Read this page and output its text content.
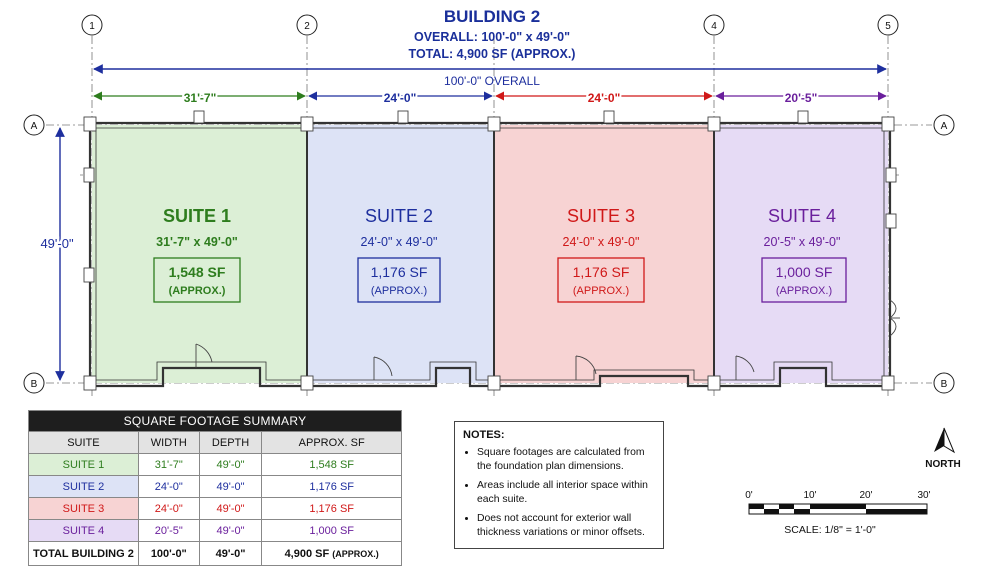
1	2	4	5
A	A
B	B
BUILDING 2
OVERALL: 100'-0" x 49'-0"
TOTAL: 4,900 SF (APPROX.)
100'-0" OVERALL
31'-7"	24'-0"	24'-0"	20'-5"
49'-0"
SUITE 1
31'-7" x 49'-0"
1,548 SF
(APPROX.)
SUITE 2
24'-0" x 49'-0"
1,176 SF
(APPROX.)
SUITE 3
24'-0" x 49'-0"
1,176 SF
(APPROX.)
SUITE 4
20'-5" x 49'-0"
1,000 SF
(APPROX.)
NORTH
0'	10'	20'	30'
SCALE: 1/8" = 1'-0"
SQUARE FOOTAGE SUMMARY			
SUITE	WIDTH	DEPTH	APPROX. SF
SUITE 1	31'-7"	49'-0"	1,548 SF
SUITE 2	24'-0"	49'-0"	1,176 SF
SUITE 3	24'-0"	49'-0"	1,176 SF
SUITE 4	20'-5"	49'-0"	1,000 SF
TOTAL BUILDING 2	100'-0"	49'-0"	4,900 SF (APPROX.)
NOTES:
• Square footages are calculated from the foundation plan dimensions.
• Areas include all interior space within each suite.
• Does not account for exterior wall thickness variations or minor offsets.
